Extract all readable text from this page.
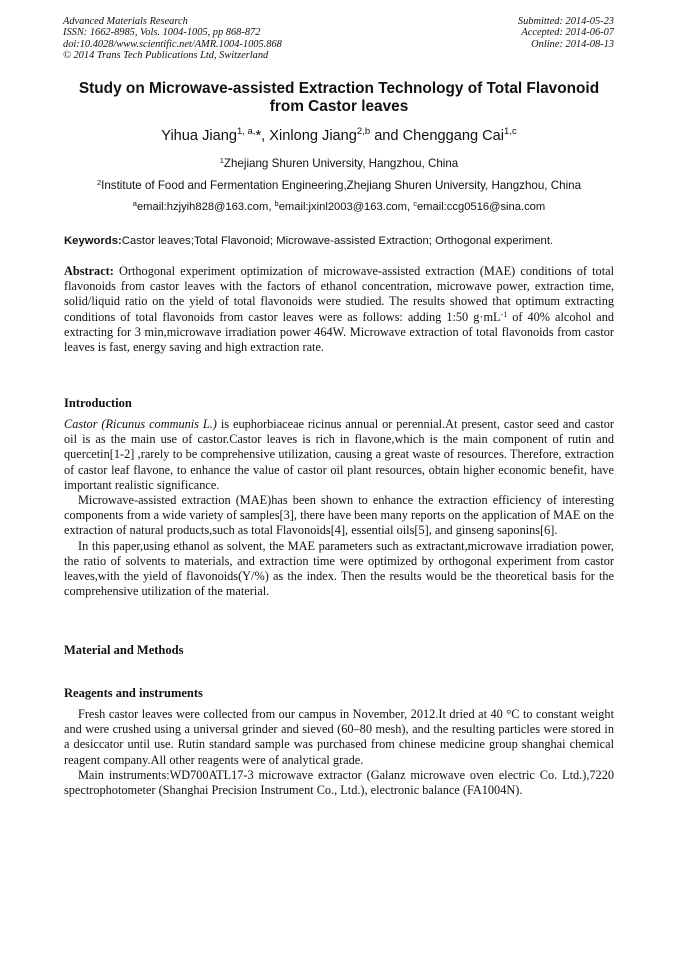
Advanced Materials Research
ISSN: 1662-8985, Vols. 1004-1005, pp 868-872
doi:10.4028/www.scientific.net/AMR.1004-1005.868
© 2014 Trans Tech Publications Ltd, Switzerland
Submitted: 2014-05-23
Accepted: 2014-06-07
Online: 2014-08-13
Study on Microwave-assisted Extraction Technology of Total Flavonoid
from Castor leaves
Yihua Jiang$^{1, a,}$*, Xinlong Jiang$^{2,b}$ and Chenggang Cai$^{1,c}$
$^1$Zhejiang Shuren University, Hangzhou, China
$^2$Institute of Food and Fermentation Engineering,Zhejiang Shuren University, Hangzhou, China
$^a$email:hzjyih828@163.com, $^b$email:jxinl2003@163.com, $^c$email:ccg0516@sina.com
Keywords:Castor leaves;Total Flavonoid; Microwave-assisted Extraction; Orthogonal experiment.

Abstract: Orthogonal experiment optimization of microwave-assisted extraction (MAE) conditions of total flavonoids from castor leaves with the factors of ethanol concentration, microwave power, extraction time, solid/liquid ratio on the yield of total flavonoids were studied. The results showed that optimum extracting conditions of total flavonoids from castor leaves were as follows: adding 1:50 $g\cdot mL^{-1}$ of 40% alcohol and extracting for 3 min,microwave irradiation power 464W. Microwave extraction of total flavonoids from castor leaves is fast, energy saving and high extraction rate.

Introduction

Castor (Ricunus communis L.) is euphorbiaceae ricinus annual or perennial.At present, castor seed and castor oil is as the main use of castor.Castor leaves is rich in flavone,which is the main component of rutin and quercetin[1-2] ,rarely to be comprehensive utilization, causing a great waste of resources. Therefore, extraction of castor leaf flavone, to enhance the value of castor oil plant resources, obtain higher economic benefit, have important realistic significance.

Microwave-assisted extraction (MAE)has been shown to enhance the extraction efficiency of interesting components from a wide variety of samples[3], there have been many reports on the application of MAE on the extraction of natural products,such as total Flavonoids[4], essential oils[5], and ginseng saponins[6].

In this paper,using ethanol as solvent, the MAE parameters such as extractant,microwave irradiation power, the ratio of solvents to materials, and extraction time were optimized by orthogonal experiment from castor leaves,with the yield of flavonoids(Y/%) as the index. Then the results would be the theoretical basis for the comprehensive utilization of the material.

Material and Methods
Reagents and instruments

Fresh castor leaves were collected from our campus in November, 2012.It dried at 40 °C to constant weight and were crushed using a universal grinder and sieved (60–80 mesh), and the resulting particles were stored in a desiccator until use. Rutin standard sample was purchased from chinese medicine group shanghai chemical reagent company.All other reagents were of analytical grade.

Main instruments:WD700ATL17-3 microwave extractor (Galanz microwave oven electric Co. Ltd.),7220 spectrophotometer (Shanghai Precision Instrument Co., Ltd.), electronic balance (FA1004N).
